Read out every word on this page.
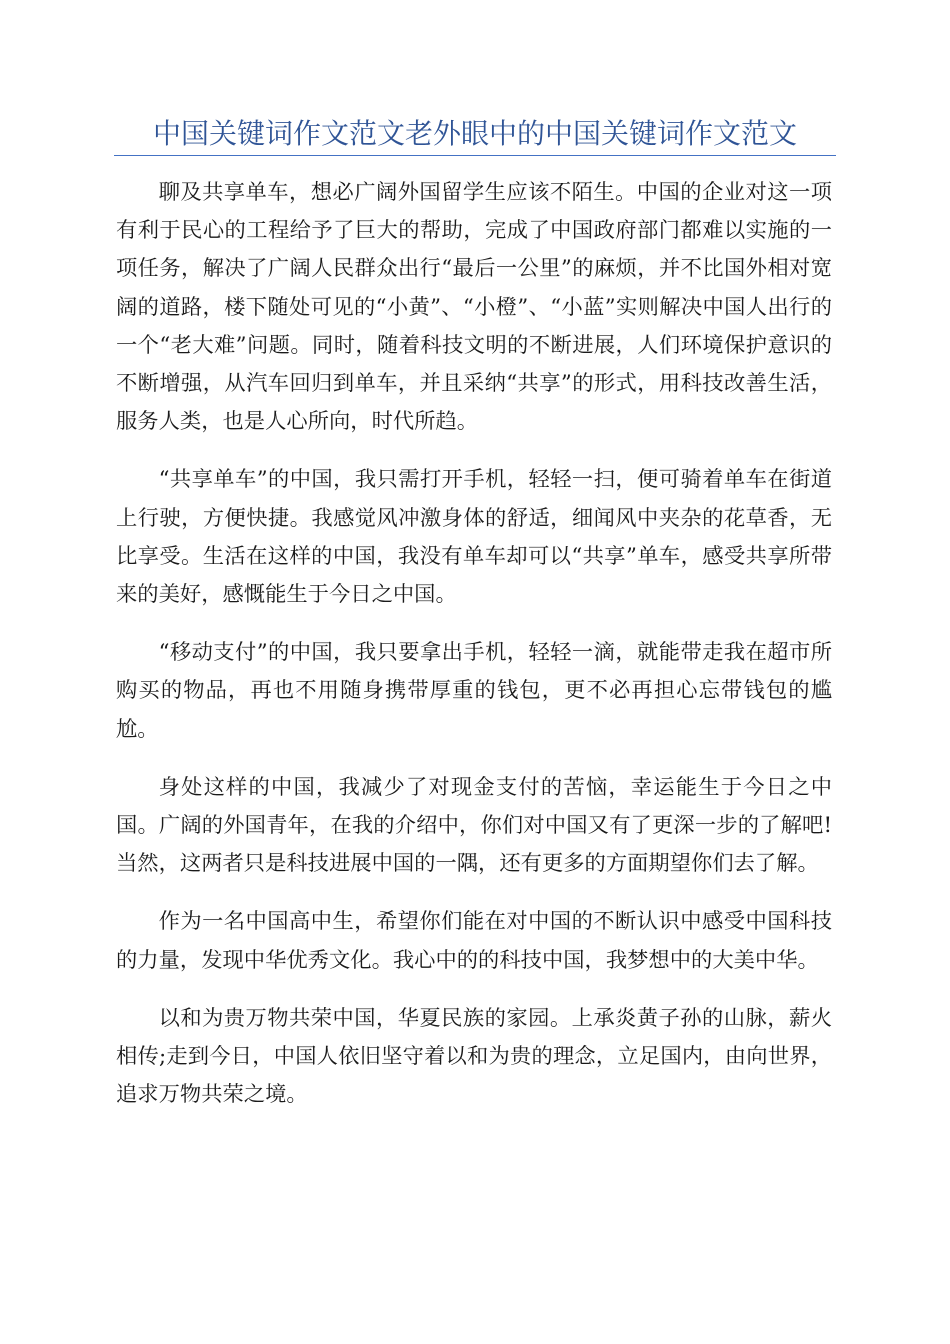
中国关键词作文范文老外眼中的中国关键词作文范文

聊及共享单车，想必广阔外国留学生应该不陌生。中国的企业对这一项有利于民心的工程给予了巨大的帮助，完成了中国政府部门都难以实施的一项任务，解决了广阔人民群众出行“最后一公里”的麻烦，并不比国外相对宽阔的道路，楼下随处可见的“小黄”、“小橙”、“小蓝”实则解决中国人出行的一个“老大难”问题。同时，随着科技文明的不断进展，人们环境保护意识的不断增强，从汽车回归到单车，并且采纳“共享”的形式，用科技改善生活，服务人类，也是人心所向，时代所趋。

“共享单车”的中国，我只需打开手机，轻轻一扫，便可骑着单车在街道上行驶，方便快捷。我感觉风冲激身体的舒适，细闻风中夹杂的花草香，无比享受。生活在这样的中国，我没有单车却可以“共享”单车，感受共享所带来的美好，感慨能生于今日之中国。

“移动支付”的中国，我只要拿出手机，轻轻一滴，就能带走我在超市所购买的物品，再也不用随身携带厚重的钱包，更不必再担心忘带钱包的尴尬。

身处这样的中国，我减少了对现金支付的苦恼，幸运能生于今日之中国。广阔的外国青年，在我的介绍中，你们对中国又有了更深一步的了解吧!当然，这两者只是科技进展中国的一隅，还有更多的方面期望你们去了解。

作为一名中国高中生，希望你们能在对中国的不断认识中感受中国科技的力量，发现中华优秀文化。我心中的的科技中国，我梦想中的大美中华。

以和为贵万物共荣中国，华夏民族的家园。上承炎黄子孙的山脉，薪火相传;走到今日，中国人依旧坚守着以和为贵的理念，立足国内，由向世界，追求万物共荣之境。
